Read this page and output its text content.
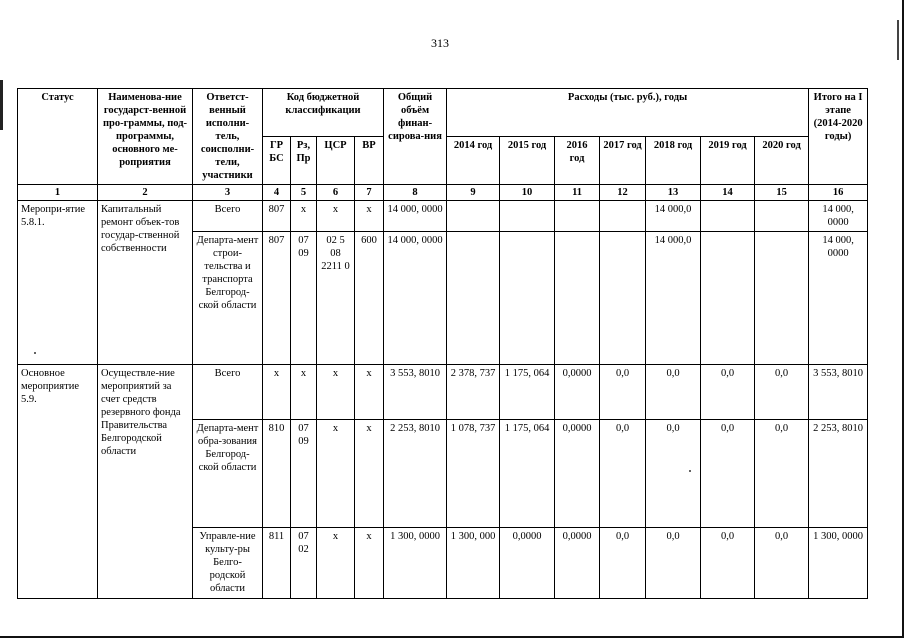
313
Статус	Наименова-ние государст-венной про-граммы, под-программы, основного ме-роприятия	Ответст-венный исполни-тель, соисполни-тели, участники	Код бюджетной классификации				Общий объём финан-сирова-ния	Расходы (тыс. руб.), годы							Итого на I этапе (2014-2020 годы)
			ГР БС	Рз, Пр	ЦСР	ВР		2014 год	2015 год	2016 год	2017 год	2018 год	2019 год	2020 год	
1	2	3	4	5	6	7	8	9	10	11	12	13	14	15	16
Меропри-ятие 5.8.1.	Капитальный ремонт объек-тов государ-ственной собственности	Всего	807	х	х	х	14 000, 0000					14 000,0			14 000, 0000
		Департа-мент строи-тельства и транспорта Белгород-ской области	807	07 09	02 5 08 2211 0	600	14 000, 0000					14 000,0			14 000, 0000
Основное мероприятие 5.9.	Осуществле-ние мероприятий за счет средств резервного фонда Правительства Белгородской области	Всего	х	х	х	х	3 553, 8010	2 378, 737	1 175, 064	0,0000	0,0	0,0	0,0	0,0	3 553, 8010
		Департа-мент обра-зования Белгород-ской области	810	07 09	х	х	2 253, 8010	1 078, 737	1 175, 064	0,0000	0,0	0,0	0,0	0,0	2 253, 8010
		Управле-ние культу-ры Белго-родской области	811	07 02	х	х	1 300, 0000	1 300, 000	0,0000	0,0000	0,0	0,0	0,0	0,0	1 300, 0000
